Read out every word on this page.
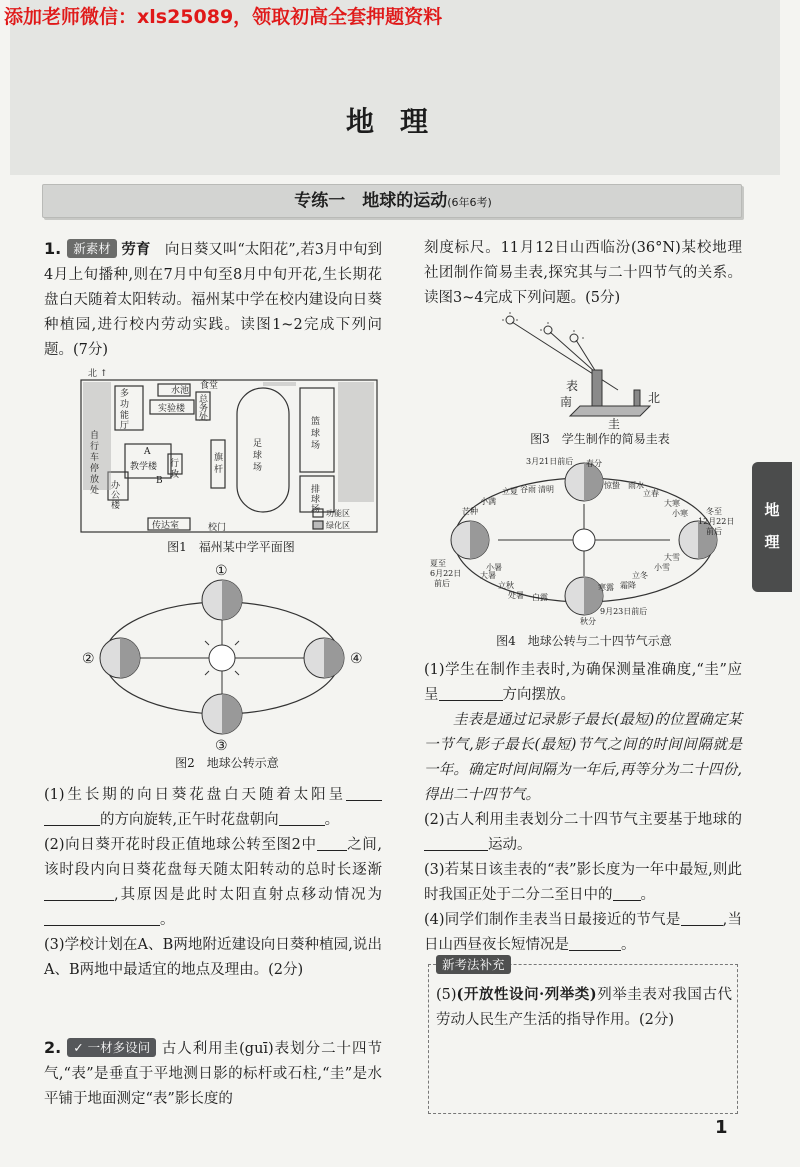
添加老师微信：xls25089，领取初高全套押题资料
地理
专练一　地球的运动(6年6考)

1. 新素材 劳育　 向日葵又叫“太阳花”,若3月中旬到4月上旬播种,则在7月中旬至8月中旬开花,生长期花盘白天随着太阳转动。福州某中学在校内建设向日葵种植园,进行校内劳动实践。读图1~2完成下列问题。(7分)

北 ↑
水池 食堂
多
功
能
厅
实验楼
总
务
处
自
行
车
停
放
处
足
球
场
篮
球
场
A
教学楼
B
行
政
办
公
楼
旗
杆
排
球
场
传达室	校门
功能区
绿化区
图1　福州某中学平面图
①
②
③
④
图2　地球公转示意

(1)生长期的向日葵花盘白天随着太阳呈的方向旋转,正午时花盘朝向	。

(2)向日葵开花时段正值地球公转至图2中 之间,该时段内向日葵花盘每天随太阳转动的总时长逐渐,其原因是此时太阳直射点移动情况为。

(3)学校计划在A、B两地附近建设向日葵种植园,说出A、B两地中最适宜的地点及理由。(2分)

2. ✓ 一材多设问 古人利用圭(guī)表划分二十四节气,“表”是垂直于平地测日影的标杆或石柱,“圭”是水平铺于地面测定“表”影长度的

刻度标尺。11月12日山西临汾(36°N)某校地理社团制作简易圭表,探究其与二十四节气的关系。读图3~4完成下列问题。(5分)

表
南	北
圭
图3　学生制作的简易圭表
3月21日前后 春分
惊蛰 雨水
立春
大寒
小寒
清明
谷雨
立夏
小满
芒种
小暑
大暑
立秋
处暑 白露
秋分
寒露 霜降
立冬
小雪
大雪
9月23日前后
夏至
6月22日
前后
冬至
12月22日
前后
图4　地球公转与二十四节气示意

(1)学生在制作圭表时,为确保测量准确度,“圭”应呈	方向摆放。

圭表是通过记录影子最长(最短)的位置确定某一节气,影子最长(最短)节气之间的时间间隔就是一年。确定时间间隔为一年后,再等分为二十四份,得出二十四节气。

(2)古人利用圭表划分二十四节气主要基于地球的运动。

(3)若某日该圭表的“表”影长度为一年中最短,则此时我国正处于二分二至日中的 。

(4)同学们制作圭表当日最接近的节气是	,当日山西昼夜长短情况是	。

新考法补充

(5)(开放性设问·列举类)列举圭表对我国古代劳动人民生产生活的指导作用。(2分)

地
理
1
